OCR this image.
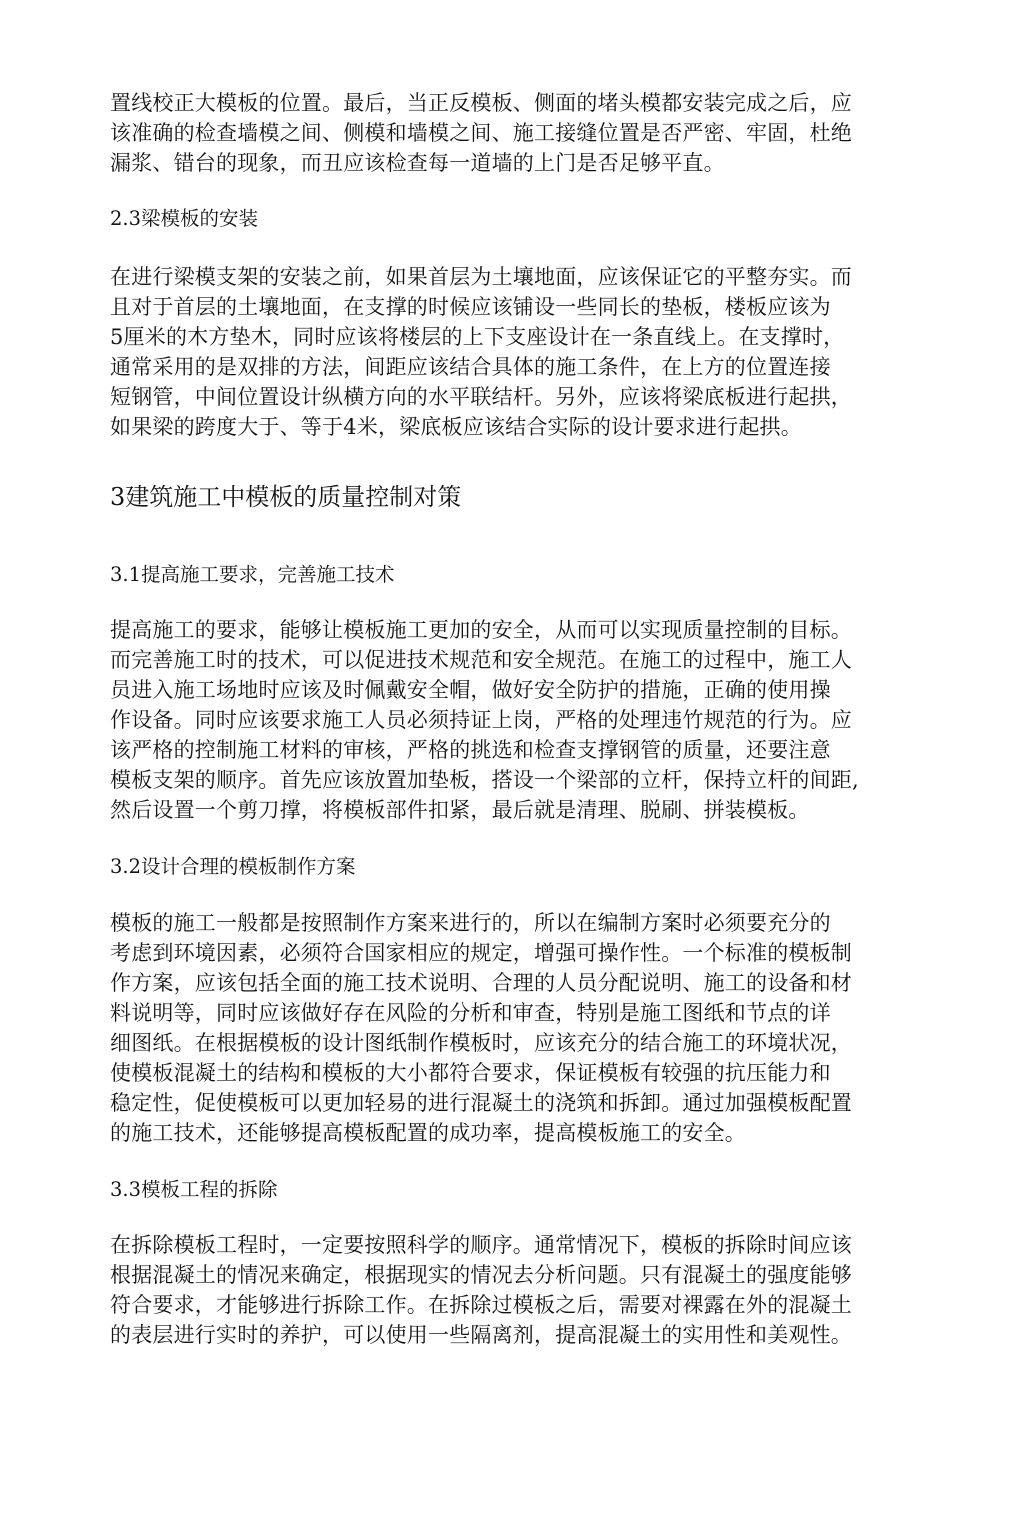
置线校正大模板的位置。最后，当正反模板、侧面的堵头模都安装完成之后，应
该准确的检查墙模之间、侧模和墙模之间、施工接缝位置是否严密、牢固，杜绝
漏浆、错台的现象，而丑应该检查每一道墙的上门是否足够平直。
2.3梁模板的安装
在进行梁模支架的安装之前，如果首层为土壤地面，应该保证它的平整夯实。而
且对于首层的土壤地面，在支撑的时候应该铺设一些同长的垫板，楼板应该为
5厘米的木方垫木，同时应该将楼层的上下支座设计在一条直线上。在支撑时，
通常采用的是双排的方法，间距应该结合具体的施工条件，在上方的位置连接
短钢管，中间位置设计纵横方向的水平联结杆。另外，应该将梁底板进行起拱，
如果梁的跨度大于、等于4米，梁底板应该结合实际的设计要求进行起拱。
3建筑施工中模板的质量控制对策
3.1提高施工要求，完善施工技术
提高施工的要求，能够让模板施工更加的安全，从而可以实现质量控制的目标。
而完善施工时的技术，可以促进技术规范和安全规范。在施工的过程中，施工人
员进入施工场地时应该及时佩戴安全帽，做好安全防护的措施，正确的使用操
作设备。同时应该要求施工人员必须持证上岗，严格的处理违竹规范的行为。应
该严格的控制施工材料的审核，严格的挑选和检查支撑钢管的质量，还要注意
模板支架的顺序。首先应该放置加垫板，搭设一个梁部的立杆，保持立杆的间距,
然后设置一个剪刀撑，将模板部件扣紧，最后就是清理、脱刷、拼装模板。
3.2设计合理的模板制作方案
模板的施工一般都是按照制作方案来进行的，所以在编制方案时必须要充分的
考虑到环境因素，必须符合国家相应的规定，增强可操作性。一个标准的模板制
作方案，应该包括全面的施工技术说明、合理的人员分配说明、施工的设备和材
料说明等，同时应该做好存在风险的分析和审查，特别是施工图纸和节点的详
细图纸。在根据模板的设计图纸制作模板时，应该充分的结合施工的环境状况，
使模板混凝土的结构和模板的大小都符合要求，保证模板有较强的抗压能力和
稳定性，促使模板可以更加轻易的进行混凝土的浇筑和拆卸。通过加强模板配置
的施工技术，还能够提高模板配置的成功率，提高模板施工的安全。
3.3模板工程的拆除
在拆除模板工程时，一定要按照科学的顺序。通常情况下，模板的拆除时间应该
根据混凝土的情况来确定，根据现实的情况去分析问题。只有混凝土的强度能够
符合要求，才能够进行拆除工作。在拆除过模板之后，需要对裸露在外的混凝土
的表层进行实时的养护，可以使用一些隔离剂，提高混凝土的实用性和美观性。
